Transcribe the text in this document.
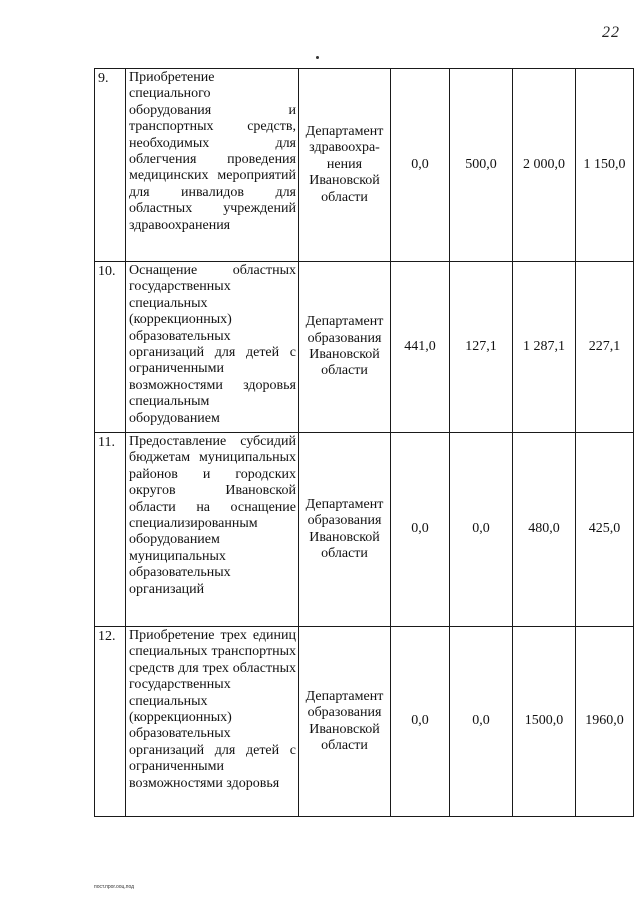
22
9.	Приобретение специального оборудования и транспортных средств, необходимых для облегчения проведения медицинских мероприятий для инвалидов для областных учреждений здравоохранения	Департамент здравоохра-нения Ивановской области	0,0	500,0	2 000,0	1 150,0
10.	Оснащение областных государственных специальных (коррекционных) образовательных организаций для детей с ограниченными возможностями здоровья специальным оборудованием	Департамент образования Ивановской области	441,0	127,1	1 287,1	227,1
11.	Предоставление субсидий бюджетам муниципальных районов и городских округов Ивановской области на оснащение специализированным оборудованием муниципальных образовательных организаций	Департамент образования Ивановской области	0,0	0,0	480,0	425,0
12.	Приобретение трех единиц специальных транспортных средств для трех областных государственных специальных (коррекционных) образовательных организаций для детей с ограниченными возможностями здоровья	Департамент образования Ивановской области	0,0	0,0	1500,0	1960,0
пост.прог.ооц.под
